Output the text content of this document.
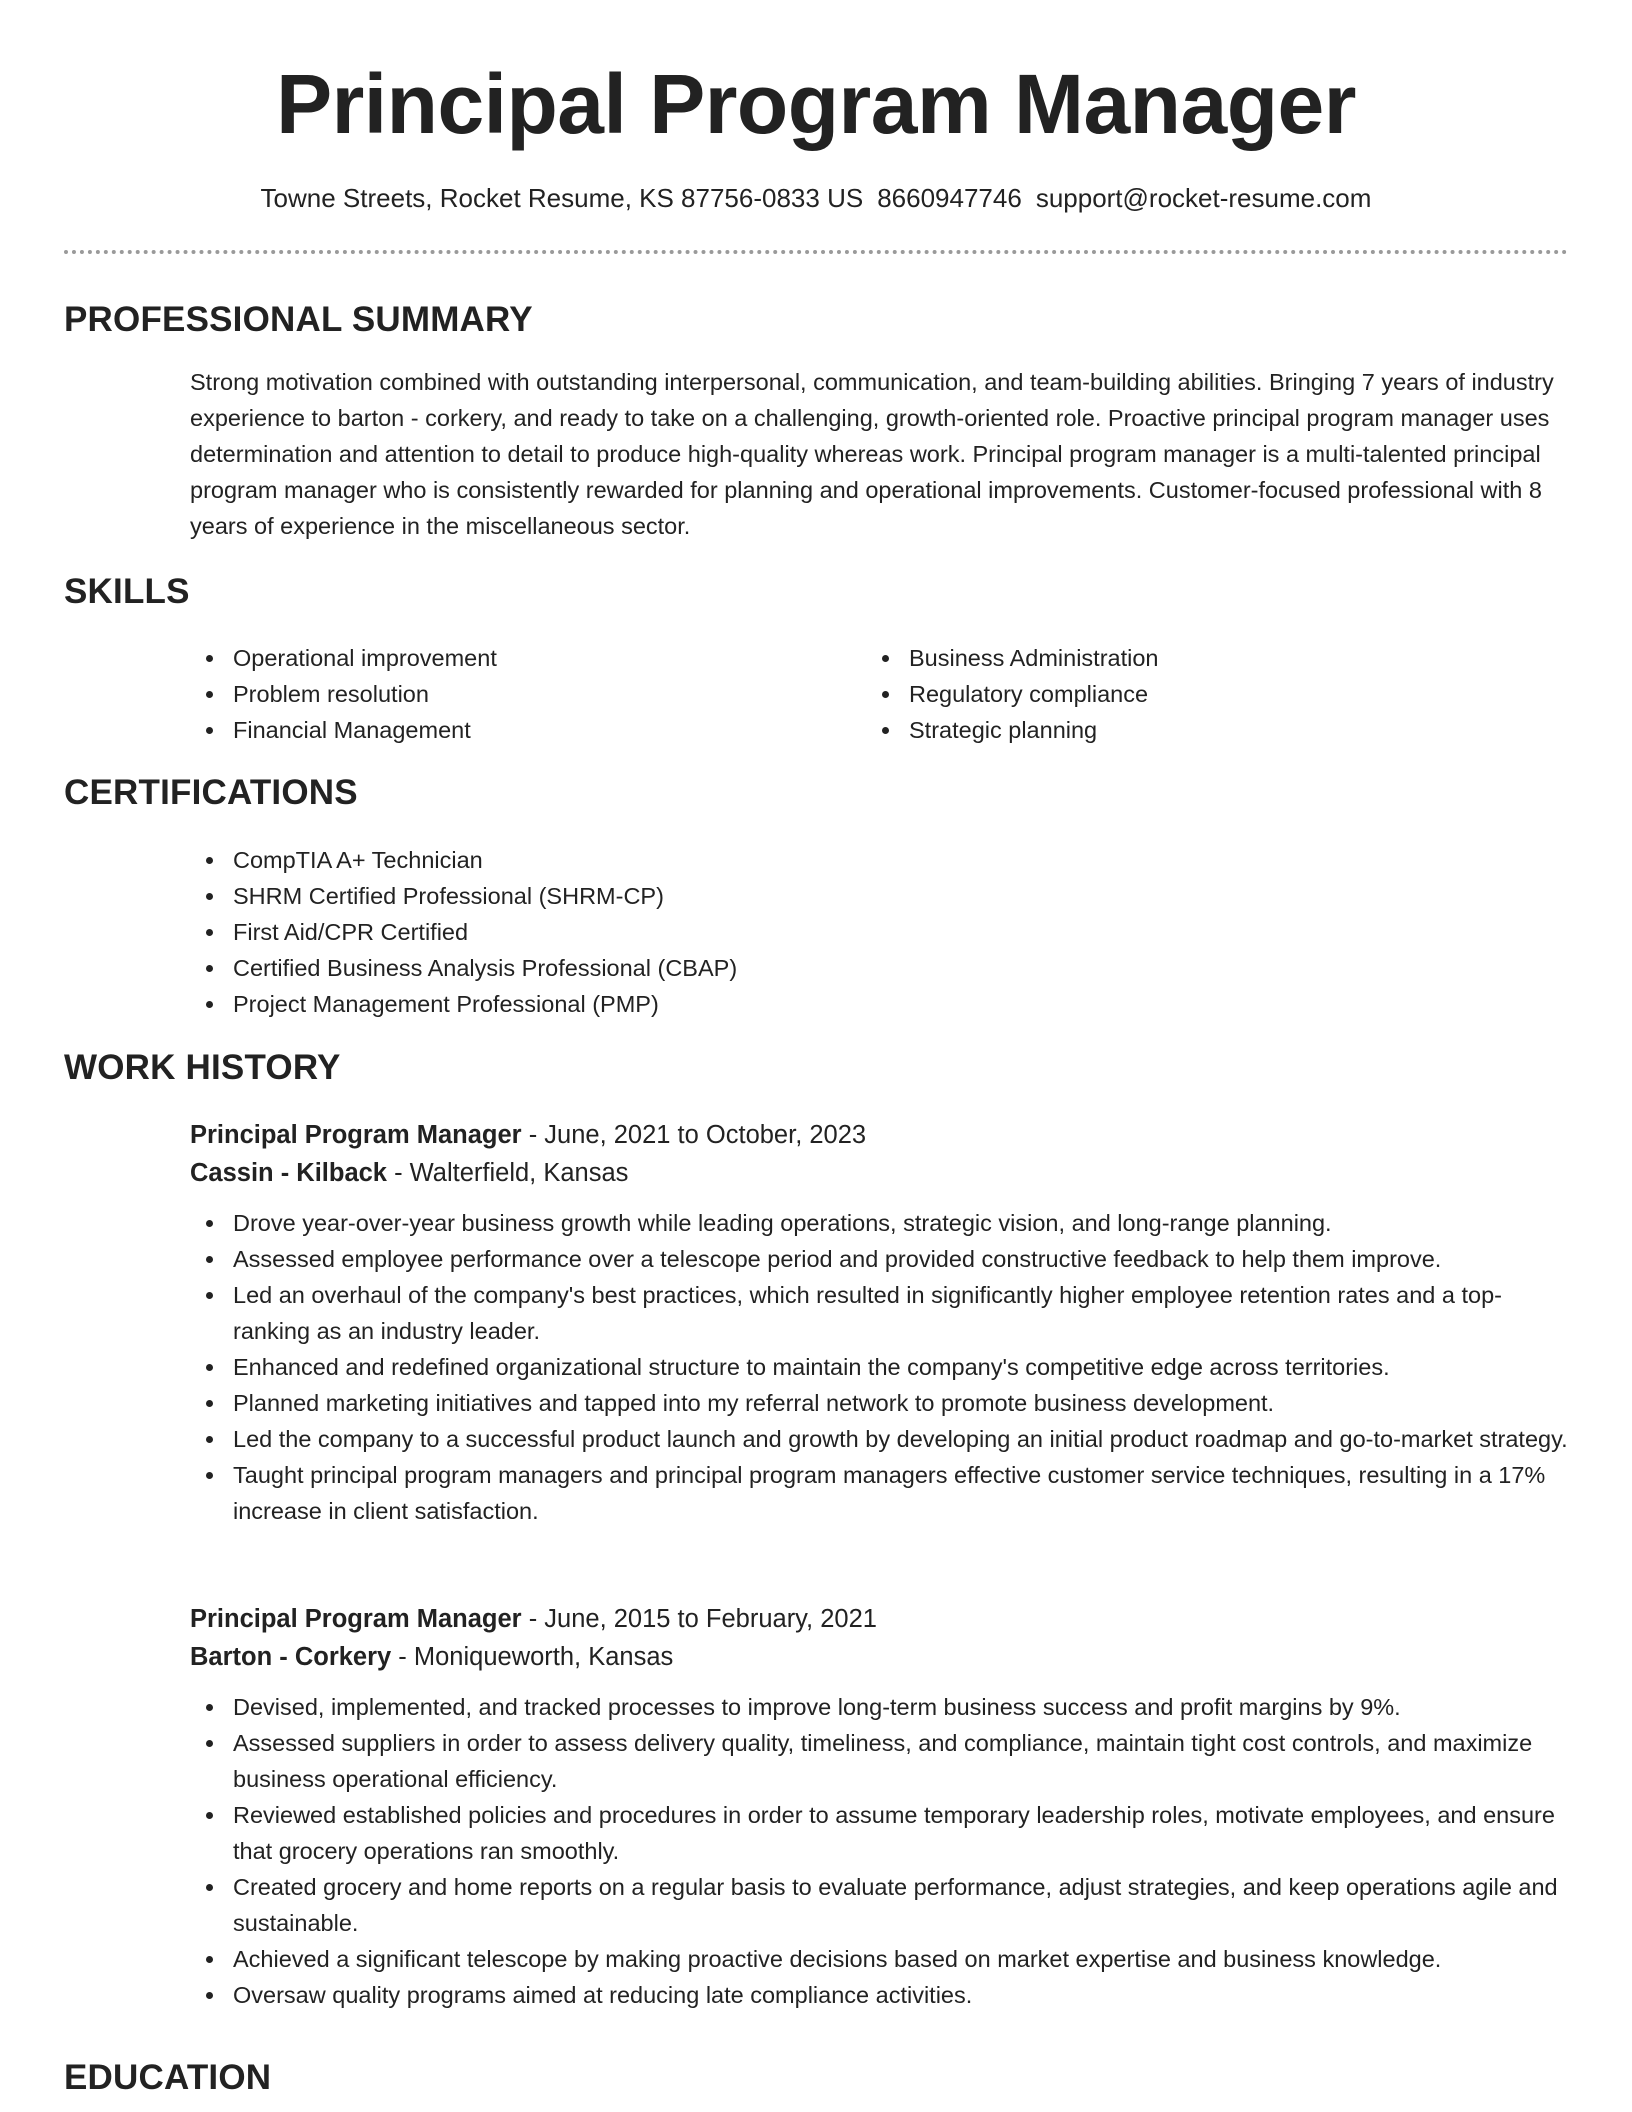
Principal Program Manager
Towne Streets, Rocket Resume, KS 87756-0833 US 8660947746 support@rocket-resume.com
PROFESSIONAL SUMMARY

Strong motivation combined with outstanding interpersonal, communication, and team-building abilities. Bringing 7 years of industry experience to barton - corkery, and ready to take on a challenging, growth-oriented role. Proactive principal program manager uses determination and attention to detail to produce high-quality whereas work. Principal program manager is a multi-talented principal program manager who is consistently rewarded for planning and operational improvements. Customer-focused professional with 8 years of experience in the miscellaneous sector.

SKILLS
Operational improvement
Problem resolution
Financial Management
Business Administration
Regulatory compliance
Strategic planning
CERTIFICATIONS
CompTIA A+ Technician
SHRM Certified Professional (SHRM-CP)
First Aid/CPR Certified
Certified Business Analysis Professional (CBAP)
Project Management Professional (PMP)
WORK HISTORY

Principal Program Manager - June, 2021 to October, 2023

Cassin - Kilback - Walterfield, Kansas

Drove year-over-year business growth while leading operations, strategic vision, and long-range planning.
Assessed employee performance over a telescope period and provided constructive feedback to help them improve.
Led an overhaul of the company's best practices, which resulted in significantly higher employee retention rates and a top-ranking as an industry leader.
Enhanced and redefined organizational structure to maintain the company's competitive edge across territories.
Planned marketing initiatives and tapped into my referral network to promote business development.
Led the company to a successful product launch and growth by developing an initial product roadmap and go-to-market strategy.
Taught principal program managers and principal program managers effective customer service techniques, resulting in a 17% increase in client satisfaction.

Principal Program Manager - June, 2015 to February, 2021

Barton - Corkery - Moniqueworth, Kansas

Devised, implemented, and tracked processes to improve long-term business success and profit margins by 9%.
Assessed suppliers in order to assess delivery quality, timeliness, and compliance, maintain tight cost controls, and maximize business operational efficiency.
Reviewed established policies and procedures in order to assume temporary leadership roles, motivate employees, and ensure that grocery operations ran smoothly.
Created grocery and home reports on a regular basis to evaluate performance, adjust strategies, and keep operations agile and sustainable.
Achieved a significant telescope by making proactive decisions based on market expertise and business knowledge.
Oversaw quality programs aimed at reducing late compliance activities.
EDUCATION
